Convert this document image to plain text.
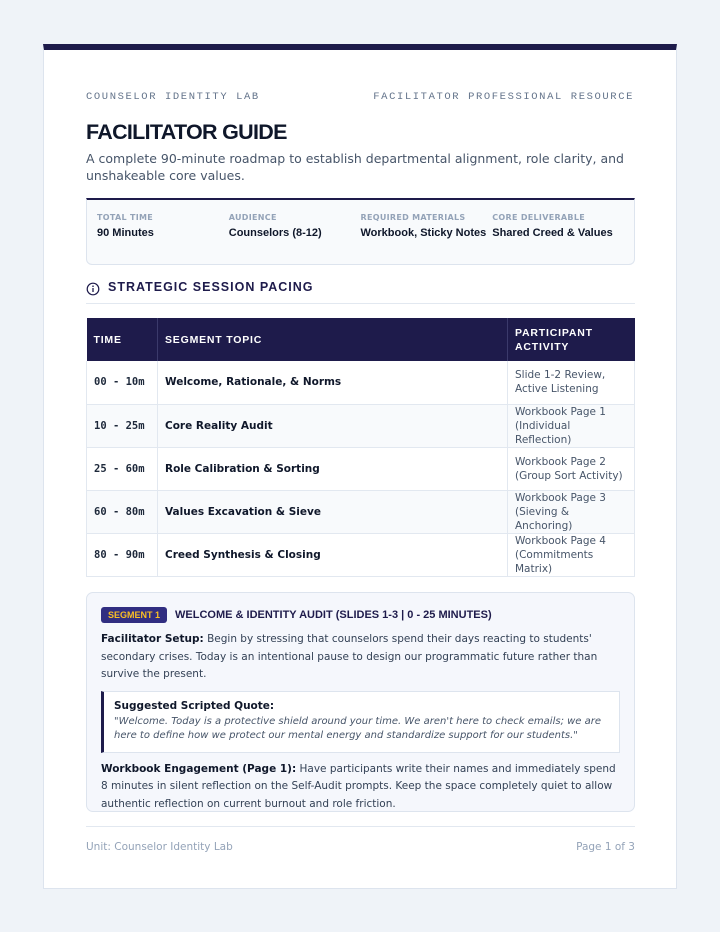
COUNSELOR IDENTITY LAB	FACILITATOR PROFESSIONAL RESOURCE
FACILITATOR GUIDE

A complete 90-minute roadmap to establish departmental alignment, role clarity, and unshakeable core values.

TOTAL TIME
90 Minutes
AUDIENCE
Counselors (8-12)
REQUIRED MATERIALS
Workbook, Sticky Notes
CORE DELIVERABLE
Shared Creed & Values
STRATEGIC SESSION PACING
TIME	SEGMENT TOPIC	PARTICIPANT ACTIVITY
00 - 10m	Welcome, Rationale, & Norms	Slide 1-2 Review, Active Listening
10 - 25m	Core Reality Audit	Workbook Page 1 (Individual Reflection)
25 - 60m	Role Calibration & Sorting	Workbook Page 2 (Group Sort Activity)
60 - 80m	Values Excavation & Sieve	Workbook Page 3 (Sieving & Anchoring)
80 - 90m	Creed Synthesis & Closing	Workbook Page 4 (Commitments Matrix)
SEGMENT 1	WELCOME & IDENTITY AUDIT (SLIDES 1-3 | 0 - 25 MINUTES)

Facilitator Setup: Begin by stressing that counselors spend their days reacting to students' secondary crises. Today is an intentional pause to design our programmatic future rather than survive the present.

Suggested Scripted Quote:
"Welcome. Today is a protective shield around your time. We aren't here to check emails; we are here to define how we protect our mental energy and standardize support for our students."

Workbook Engagement (Page 1): Have participants write their names and immediately spend 8 minutes in silent reflection on the Self-Audit prompts. Keep the space completely quiet to allow authentic reflection on current burnout and role friction.

Unit: Counselor Identity Lab	Page 1 of 3
